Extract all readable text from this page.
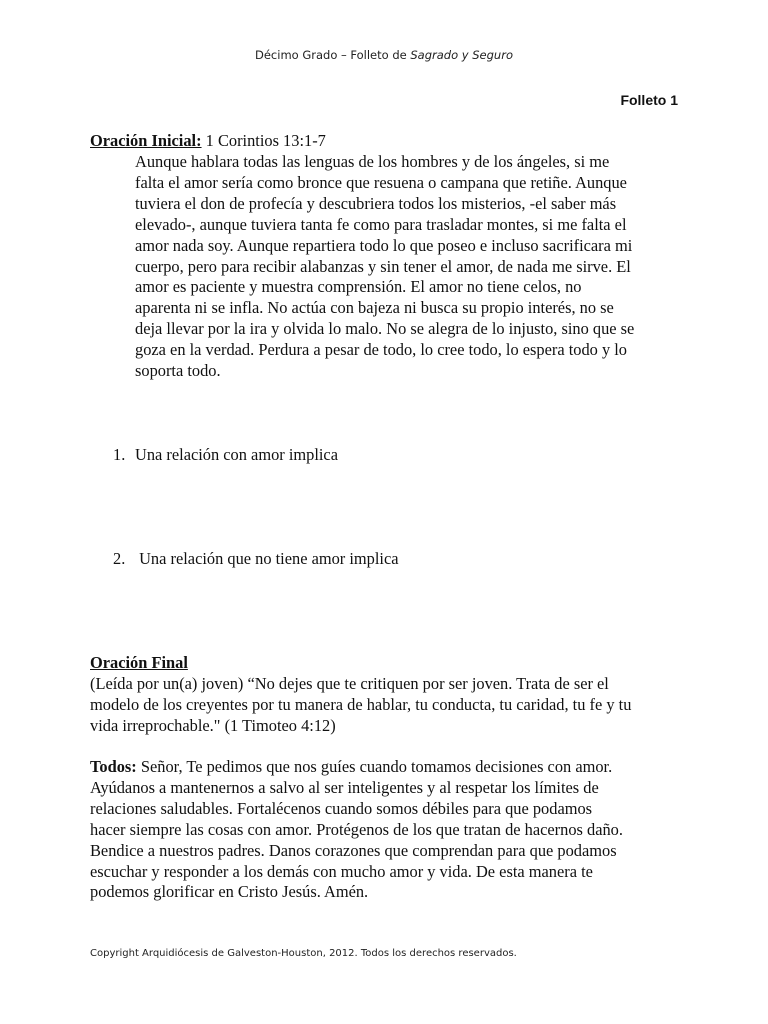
Décimo Grado – Folleto de Sagrado y Seguro
Folleto 1
Oración Inicial: 1 Corintios 13:1-7
Aunque hablara todas las lenguas de los hombres y de los ángeles, si me
falta el amor sería como bronce que resuena o campana que retiñe. Aunque
tuviera el don de profecía y descubriera todos los misterios, -el saber más
elevado-, aunque tuviera tanta fe como para trasladar montes, si me falta el
amor nada soy. Aunque repartiera todo lo que poseo e incluso sacrificara mi
cuerpo, pero para recibir alabanzas y sin tener el amor, de nada me sirve. El
amor es paciente y muestra comprensión. El amor no tiene celos, no
aparenta ni se infla. No actúa con bajeza ni busca su propio interés, no se
deja llevar por la ira y olvida lo malo. No se alegra de lo injusto, sino que se
goza en la verdad. Perdura a pesar de todo, lo cree todo, lo espera todo y lo
soporta todo.
1. Una relación con amor implica
2. Una relación que no tiene amor implica
Oración Final
(Leída por un(a) joven) “No dejes que te critiquen por ser joven. Trata de ser el
modelo de los creyentes por tu manera de hablar, tu conducta, tu caridad, tu fe y tu
vida irreprochable." (1 Timoteo 4:12)
Todos: Señor, Te pedimos que nos guíes cuando tomamos decisiones con amor.
Ayúdanos a mantenernos a salvo al ser inteligentes y al respetar los límites de
relaciones saludables. Fortalécenos cuando somos débiles para que podamos
hacer siempre las cosas con amor. Protégenos de los que tratan de hacernos daño.
Bendice a nuestros padres. Danos corazones que comprendan para que podamos
escuchar y responder a los demás con mucho amor y vida. De esta manera te
podemos glorificar en Cristo Jesús. Amén.
Copyright Arquidiócesis de Galveston-Houston, 2012. Todos los derechos reservados.
